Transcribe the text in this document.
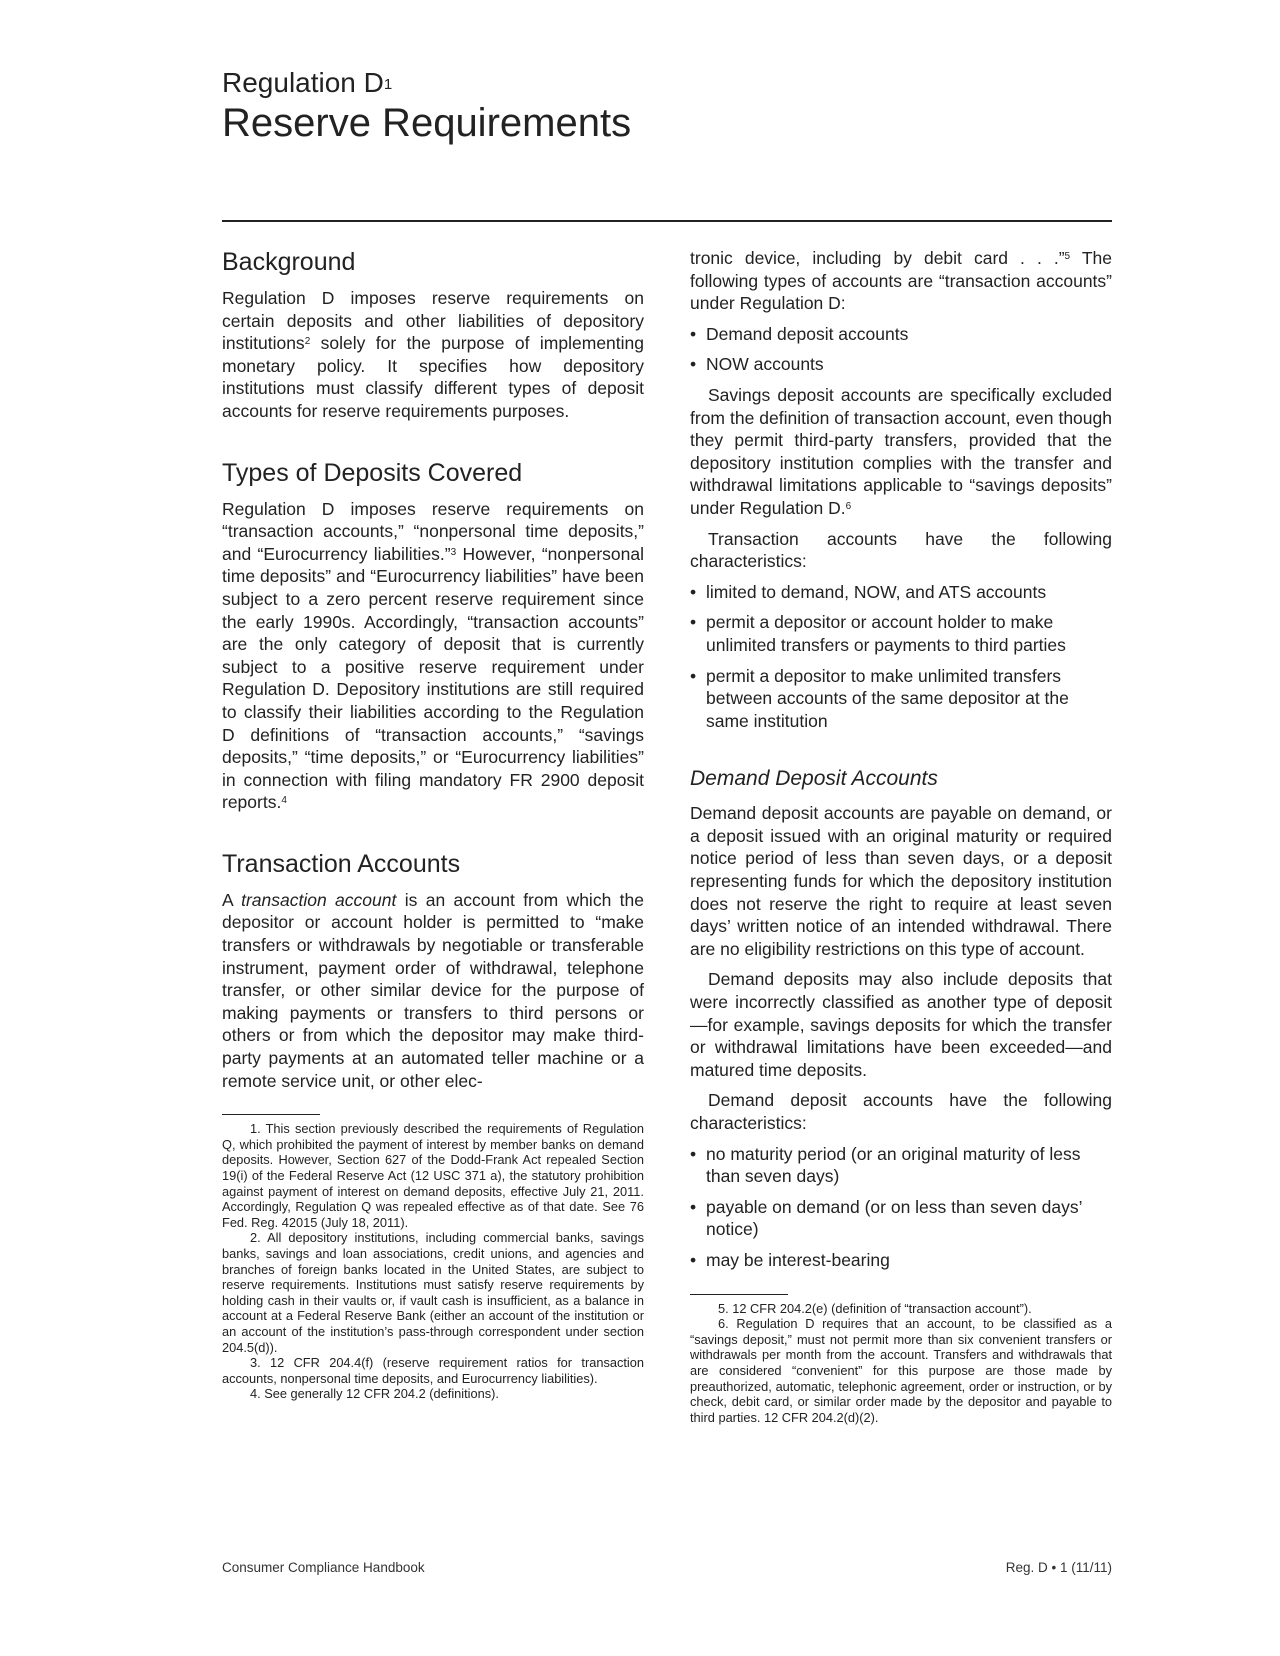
Regulation $D^1$
Reserve Requirements
Background

Regulation D imposes reserve requirements on certain deposits and other liabilities of depository institutions$^2$ solely for the purpose of implementing monetary policy. It specifies how depository institutions must classify different types of deposit accounts for reserve requirements purposes.

Types of Deposits Covered

Regulation D imposes reserve requirements on “transaction accounts,” “nonpersonal time deposits,” and “Eurocurrency liabilities.”$^3$ However, “nonpersonal time deposits” and “Eurocurrency liabilities” have been subject to a zero percent reserve requirement since the early 1990s. Accordingly, “transaction accounts” are the only category of deposit that is currently subject to a positive reserve requirement under Regulation D. Depository institutions are still required to classify their liabilities according to the Regulation D definitions of “transaction accounts,” “savings deposits,” “time deposits,” or “Eurocurrency liabilities” in connection with filing mandatory FR 2900 deposit reports.$^4$

Transaction Accounts

A transaction account is an account from which the depositor or account holder is permitted to “make transfers or withdrawals by negotiable or transferable instrument, payment order of withdrawal, telephone transfer, or other similar device for the purpose of making payments or transfers to third persons or others or from which the depositor may make third-party payments at an automated teller machine or a remote service unit, or other elec-

1. This section previously described the requirements of Regulation Q, which prohibited the payment of interest by member banks on demand deposits. However, Section 627 of the Dodd-Frank Act repealed Section 19(i) of the Federal Reserve Act (12 USC 371 a), the statutory prohibition against payment of interest on demand deposits, effective July 21, 2011. Accordingly, Regulation Q was repealed effective as of that date. See 76 Fed. Reg. 42015 (July 18, 2011).

2. All depository institutions, including commercial banks, savings banks, savings and loan associations, credit unions, and agencies and branches of foreign banks located in the United States, are subject to reserve requirements. Institutions must satisfy reserve requirements by holding cash in their vaults or, if vault cash is insufficient, as a balance in account at a Federal Reserve Bank (either an account of the institution or an account of the institution’s pass-through correspondent under section 204.5(d)).

3. 12 CFR 204.4(f) (reserve requirement ratios for transaction accounts, nonpersonal time deposits, and Eurocurrency liabilities).

4. See generally 12 CFR 204.2 (definitions).

tronic device, including by debit card . . .”$^5$ The following types of accounts are “transaction accounts” under Regulation D:

• Demand deposit accounts
• NOW accounts

Savings deposit accounts are specifically excluded from the definition of transaction account, even though they permit third-party transfers, provided that the depository institution complies with the transfer and withdrawal limitations applicable to “savings deposits” under Regulation D.$^6$

Transaction accounts have the following characteristics:

• limited to demand, NOW, and ATS accounts
• permit a depositor or account holder to make unlimited transfers or payments to third parties
• permit a depositor to make unlimited transfers between accounts of the same depositor at the same institution
Demand Deposit Accounts

Demand deposit accounts are payable on demand, or a deposit issued with an original maturity or required notice period of less than seven days, or a deposit representing funds for which the depository institution does not reserve the right to require at least seven days’ written notice of an intended withdrawal. There are no eligibility restrictions on this type of account.

Demand deposits may also include deposits that were incorrectly classified as another type of deposit—for example, savings deposits for which the transfer or withdrawal limitations have been exceeded—and matured time deposits.

Demand deposit accounts have the following characteristics:

• no maturity period (or an original maturity of less than seven days)
• payable on demand (or on less than seven days’ notice)
• may be interest-bearing

5. 12 CFR 204.2(e) (definition of “transaction account”).

6. Regulation D requires that an account, to be classified as a “savings deposit,” must not permit more than six convenient transfers or withdrawals per month from the account. Transfers and withdrawals that are considered “convenient” for this purpose are those made by preauthorized, automatic, telephonic agreement, order or instruction, or by check, debit card, or similar order made by the depositor and payable to third parties. 12 CFR 204.2(d)(2).

Consumer Compliance Handbook	Reg. D • 1 (11/11)
